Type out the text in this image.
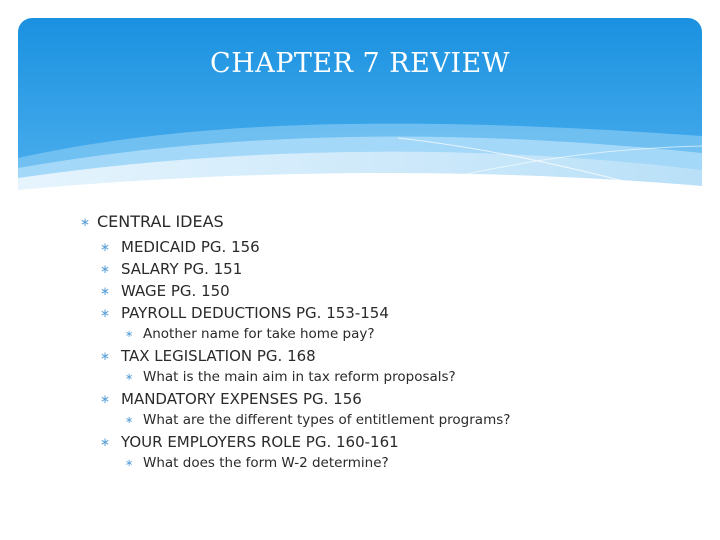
CHAPTER 7 REVIEW
∗ CENTRAL IDEAS
∗ MEDICAID PG. 156
∗ SALARY PG. 151
∗ WAGE PG. 150
∗ PAYROLL DEDUCTIONS PG. 153-154
∗ Another name for take home pay?
∗ TAX LEGISLATION PG. 168
∗ What is the main aim in tax reform proposals?
∗ MANDATORY EXPENSES PG. 156
∗ What are the different types of entitlement programs?
∗ YOUR EMPLOYERS ROLE PG. 160-161
∗ What does the form W-2 determine?
